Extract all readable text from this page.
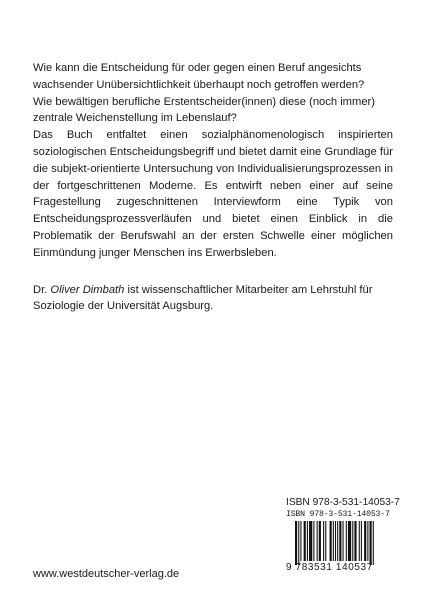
Wie kann die Entscheidung für oder gegen einen Beruf angesichts wachsender Unübersichtlichkeit überhaupt noch getroffen werden?

Wie bewältigen berufliche Erstentscheider(innen) diese (noch immer) zentrale Weichenstellung im Lebenslauf?

Das Buch entfaltet einen sozialphänomenologisch inspirierten soziologischen Entscheidungsbegriff und bietet damit eine Grundlage für die subjekt-orientierte Untersuchung von Individualisierungsprozessen in der fortgeschrittenen Moderne. Es entwirft neben einer auf seine Fragestellung zugeschnittenen Interviewform eine Typik von Entscheidungsprozessverläufen und bietet einen Einblick in die Problematik der Berufswahl an der ersten Schwelle einer möglichen Einmündung junger Menschen ins Erwerbsleben.

Dr. Oliver Dimbath ist wissenschaftlicher Mitarbeiter am Lehrstuhl für Soziologie der Universität Augsburg.

ISBN 978-3-531-14053-7
ISBN 978-3-531-14053-7
9 783531 140537
www.westdeutscher-verlag.de
